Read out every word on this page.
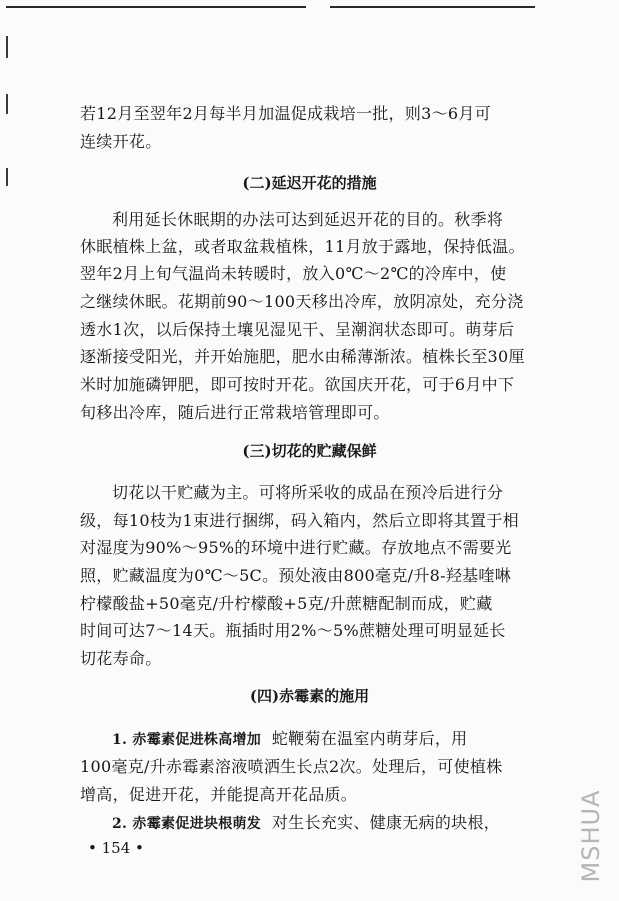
若12月至翌年2月每半月加温促成栽培一批，则3～6月可
连续开花。
(二)延迟开花的措施
利用延长休眠期的办法可达到延迟开花的目的。秋季将
休眠植株上盆，或者取盆栽植株，11月放于露地，保持低温。
翌年2月上旬气温尚未转暖时，放入0℃～2℃的冷库中，使
之继续休眠。花期前90～100天移出冷库，放阴凉处，充分浇
透水1次，以后保持土壤见湿见干、呈潮润状态即可。萌芽后
逐渐接受阳光，并开始施肥，肥水由稀薄渐浓。植株长至30厘
米时加施磷钾肥，即可按时开花。欲国庆开花，可于6月中下
旬移出冷库，随后进行正常栽培管理即可。
(三)切花的贮藏保鲜
切花以干贮藏为主。可将所采收的成品在预冷后进行分
级，每10枝为1束进行捆绑，码入箱内，然后立即将其置于相
对湿度为90%～95%的环境中进行贮藏。存放地点不需要光
照，贮藏温度为0℃～5C。预处液由800毫克/升8-羟基喹啉
柠檬酸盐+50毫克/升柠檬酸+5克/升蔗糖配制而成，贮藏
时间可达7～14天。瓶插时用2%～5%蔗糖处理可明显延长
切花寿命。
(四)赤霉素的施用
1. 赤霉素促进株高增加 蛇鞭菊在温室内萌芽后，用
100毫克/升赤霉素溶液喷洒生长点2次。处理后，可使植株
增高，促进开花，并能提高开花品质。
2. 赤霉素促进块根萌发 对生长充实、健康无病的块根，
• 154 •	MSHUA
